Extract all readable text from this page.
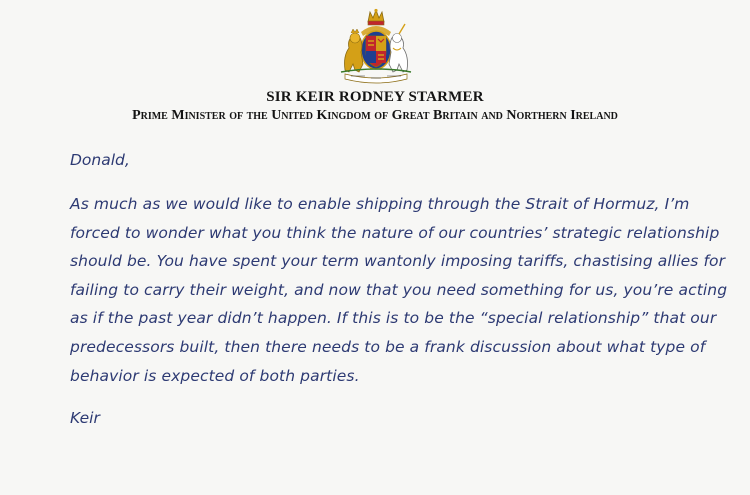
SIR KEIR RODNEY STARMER
Prime Minister of the United Kingdom of Great Britain and Northern Ireland

Donald,

As much as we would like to enable shipping through the Strait of Hormuz, I’m forced to wonder what you think the nature of our countries’ strategic relationship should be. You have spent your term wantonly imposing tariffs, chastising allies for failing to carry their weight, and now that you need something for us, you’re acting as if the past year didn’t happen. If this is to be the “special relationship” that our predecessors built, then there needs to be a frank discussion about what type of behavior is expected of both parties.

Keir
